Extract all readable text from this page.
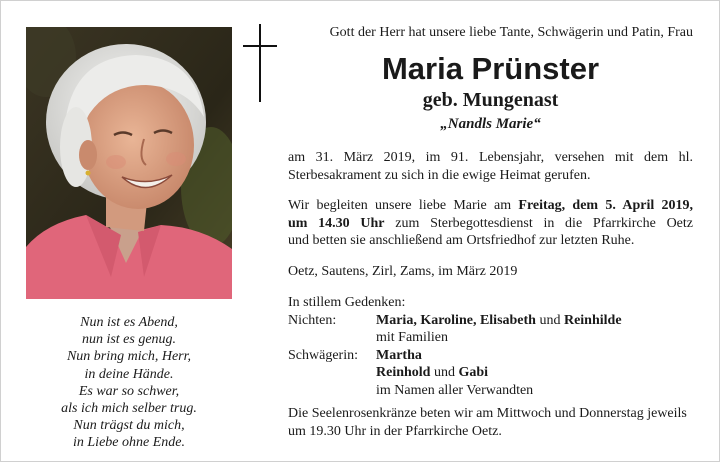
Nun ist es Abend,
nun ist es genug.
Nun bring mich, Herr,
in deine Hände.
Es war so schwer,
als ich mich selber trug.
Nun trägst du mich,
in Liebe ohne Ende.
Gott der Herr hat unsere liebe Tante, Schwägerin und Patin, Frau
Maria Prünster
geb. Mungenast
„Nandls Marie“
am 31. März 2019, im 91. Lebensjahr, versehen mit dem hl. Sterbesakrament zu sich in die ewige Heimat gerufen.
Wir begleiten unsere liebe Marie am Freitag, dem 5. April 2019,
um 14.30 Uhr zum Sterbegottesdienst in die Pfarrkirche Oetz
und betten sie anschließend am Ortsfriedhof zur letzten Ruhe.
Oetz, Sautens, Zirl, Zams, im März 2019
In stillem Gedenken:
Nichten:	Maria, Karoline, Elisabeth und Reinhilde
mit Familien
Schwägerin:	Martha
Reinhold und Gabi
im Namen aller Verwandten
Die Seelenrosenkränze beten wir am Mittwoch und Donnerstag jeweils um 19.30 Uhr in der Pfarrkirche Oetz.
